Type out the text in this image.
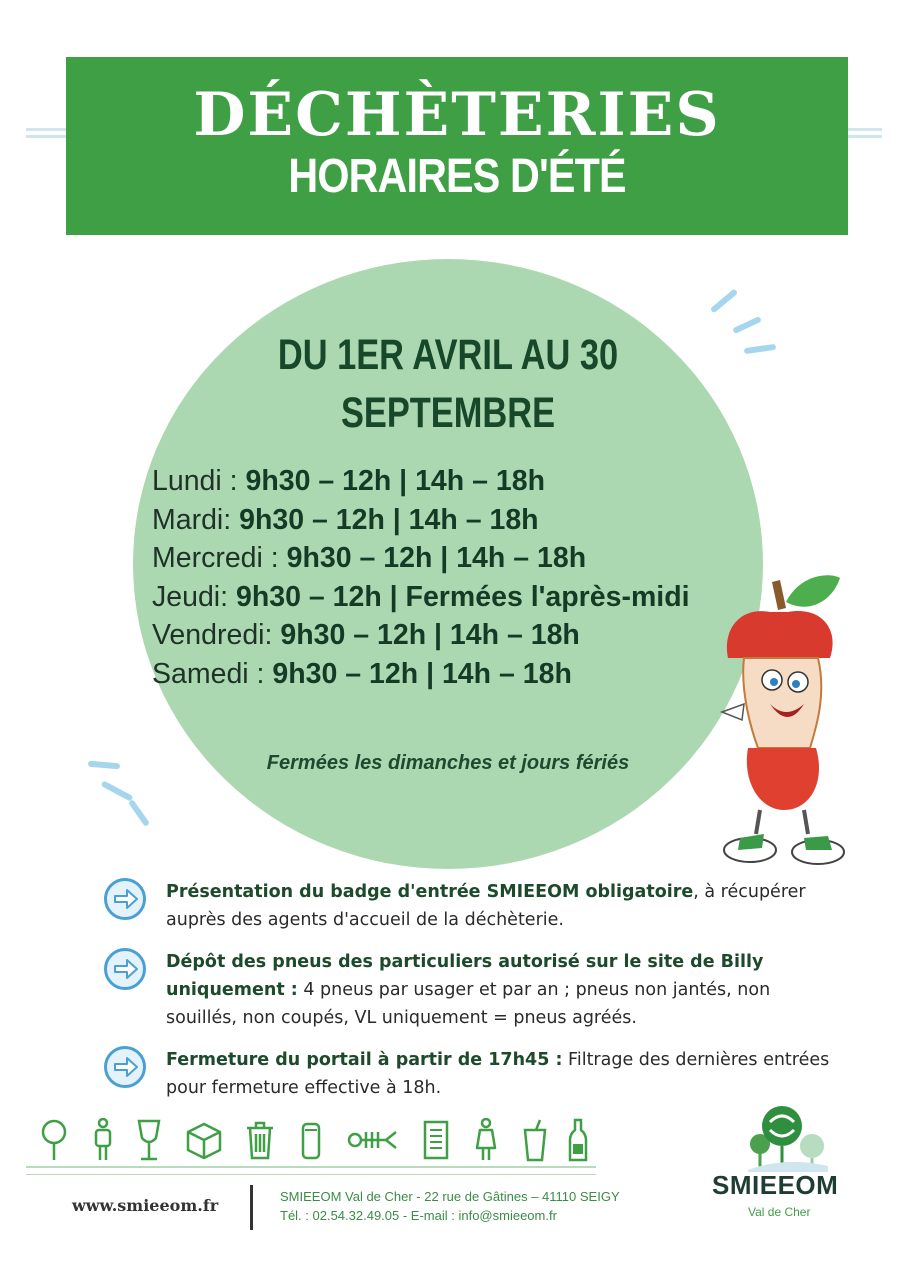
DÉCHÈTERIES
HORAIRES D'ÉTÉ
DU 1ER AVRIL AU 30
SEPTEMBRE
Lundi : 9h30 – 12h | 14h – 18h
Mardi: 9h30 – 12h | 14h – 18h
Mercredi : 9h30 – 12h | 14h – 18h
Jeudi: 9h30 – 12h | Fermées l'après-midi
Vendredi: 9h30 – 12h | 14h – 18h
Samedi : 9h30 – 12h | 14h – 18h
Fermées les dimanches et jours fériés
Présentation du badge d'entrée SMIEEOM obligatoire, à récupérer auprès des agents d'accueil de la déchèterie.
Dépôt des pneus des particuliers autorisé sur le site de Billy uniquement : 4 pneus par usager et par an ; pneus non jantés, non souillés, non coupés, VL uniquement = pneus agréés.
Fermeture du portail à partir de 17h45 : Filtrage des dernières entrées pour fermeture effective à 18h.
www.smieeom.fr	SMIEEOM Val de Cher - 22 rue de Gâtines – 41110 SEIGY
Tél. : 02.54.32.49.05 - E-mail : info@smieeom.fr
SMIEEOM
Val de Cher
